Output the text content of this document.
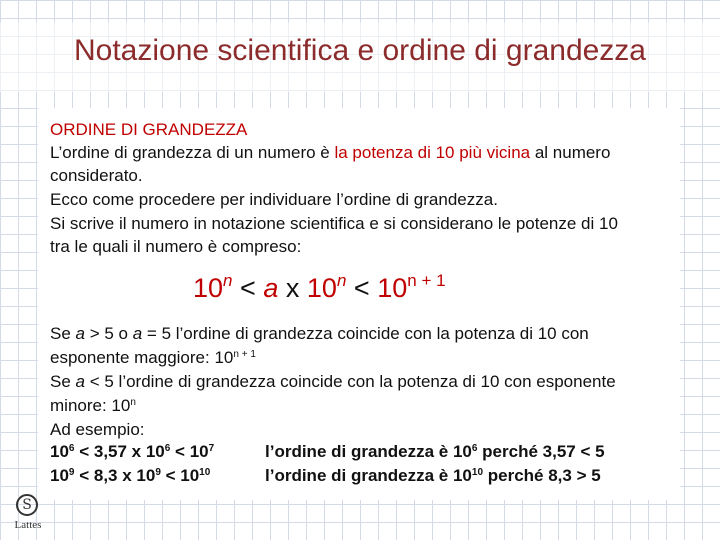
Notazione scientifica e ordine di grandezza
ORDINE DI GRANDEZZA
L’ordine di grandezza di un numero è la potenza di 10 più vicina al numero
considerato.
Ecco come procedere per individuare l’ordine di grandezza.
Si scrive il numero in notazione scientifica e si considerano le potenze di 10
tra le quali il numero è compreso:
$10^n < a$ x $10^n < 10^{n + 1}$
Se a > 5 o a = 5 l’ordine di grandezza coincide con la potenza di 10 con
esponente maggiore: $10^{n + 1}$
Se a < 5 l’ordine di grandezza coincide con la potenza di 10 con esponente
minore: 10$^n$
Ad esempio:
$10^6 < 3,57$ x $10^6 < 10^7$	l’ordine di grandezza è $10^6$ perché 3,57 < 5
$10^9 < 8,3$ x $10^9 < 10^{10}$	l’ordine di grandezza è $10^{10}$ perché 8,3 > 5
S
Lattes
